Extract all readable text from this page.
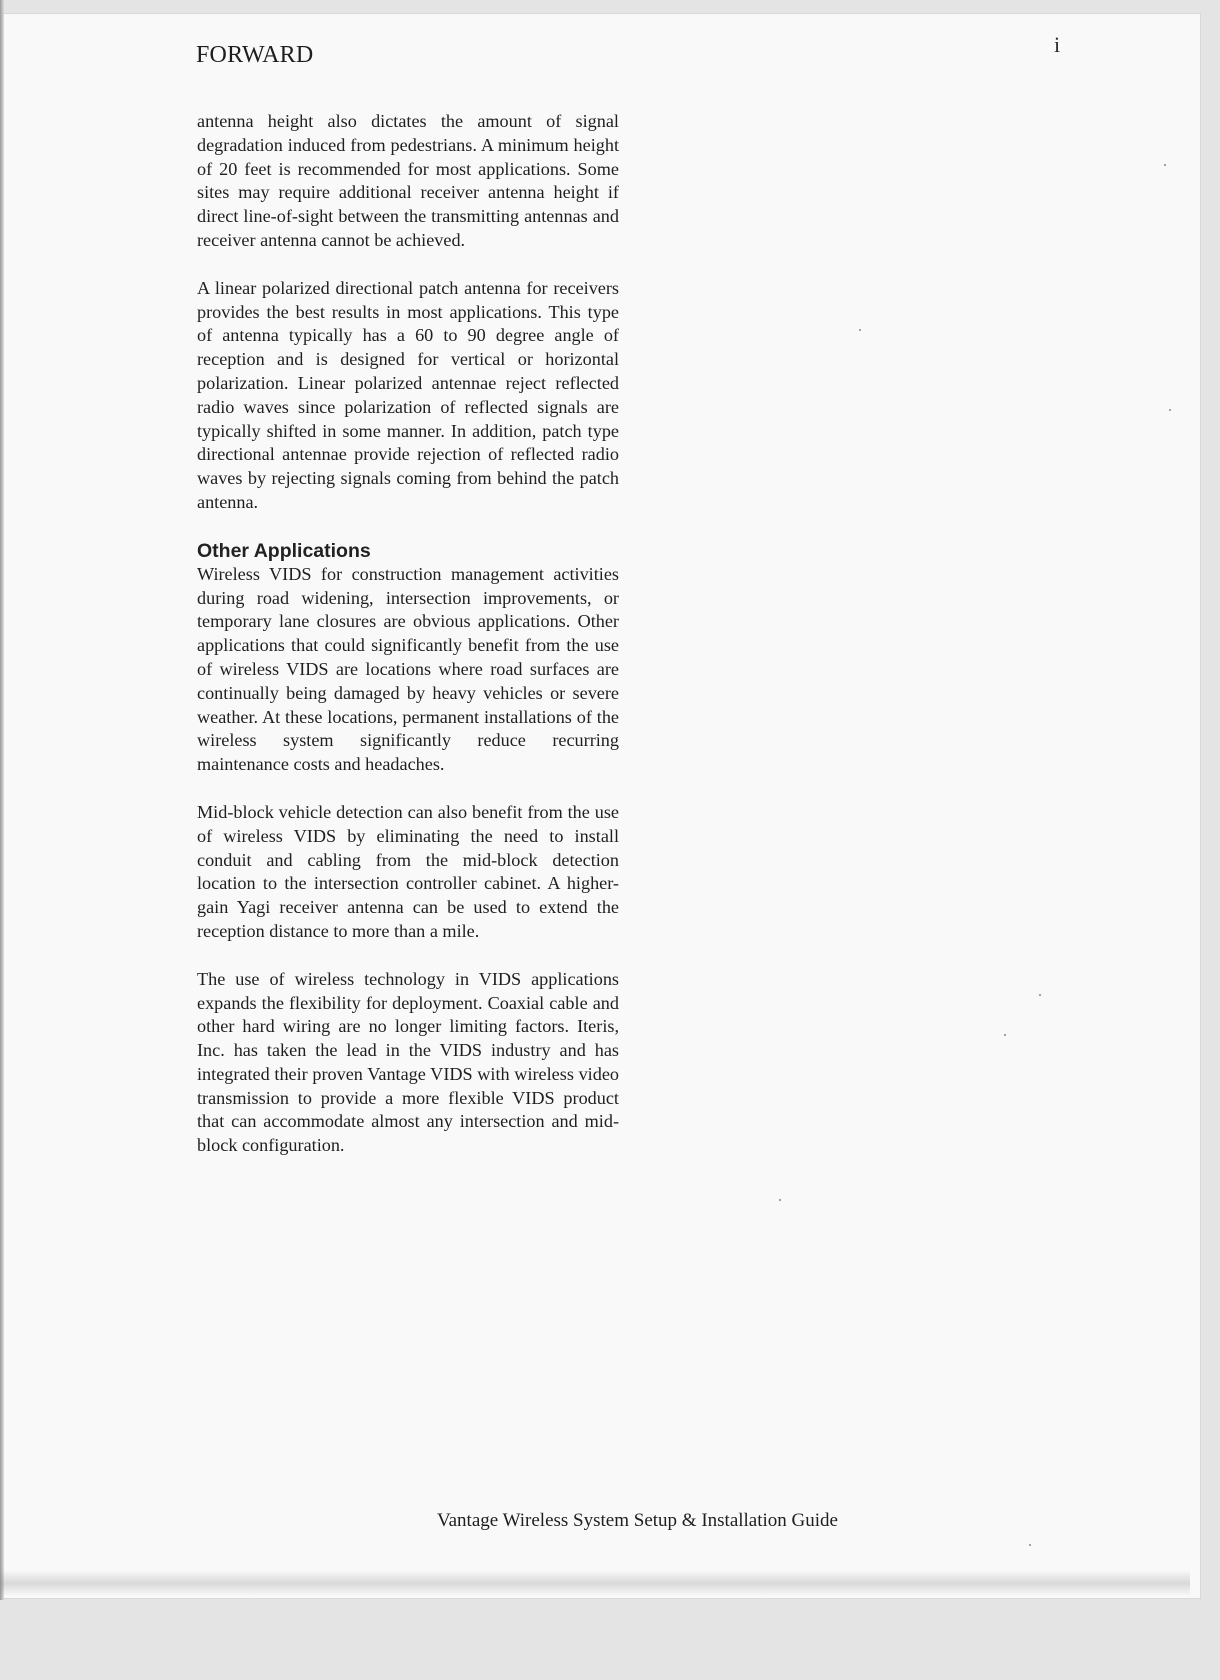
FORWARD	i

antenna height also dictates the amount of signal degradation induced from pedestrians. A minimum height of 20 feet is recommended for most applications. Some sites may require additional receiver antenna height if direct line-of-sight between the transmitting antennas and receiver antenna cannot be achieved.

A linear polarized directional patch antenna for receivers provides the best results in most applications. This type of antenna typically has a 60 to 90 degree angle of reception and is designed for vertical or horizontal polarization. Linear polarized antennae reject reflected radio waves since polarization of reflected signals are typically shifted in some manner. In addition, patch type directional antennae provide rejection of reflected radio waves by rejecting signals coming from behind the patch antenna.

Other Applications

Wireless VIDS for construction management activities during road widening, intersection improvements, or temporary lane closures are obvious applications. Other applications that could significantly benefit from the use of wireless VIDS are locations where road surfaces are continually being damaged by heavy vehicles or severe weather. At these locations, permanent installations of the wireless system significantly reduce recurring maintenance costs and headaches.

Mid-block vehicle detection can also benefit from the use of wireless VIDS by eliminating the need to install conduit and cabling from the mid-block detection location to the intersection controller cabinet. A higher-gain Yagi receiver antenna can be used to extend the reception distance to more than a mile.

The use of wireless technology in VIDS applications expands the flexibility for deployment. Coaxial cable and other hard wiring are no longer limiting factors. Iteris, Inc. has taken the lead in the VIDS industry and has integrated their proven Vantage VIDS with wireless video transmission to provide a more flexible VIDS product that can accommodate almost any intersection and mid-block configuration.

Vantage Wireless System Setup & Installation Guide
